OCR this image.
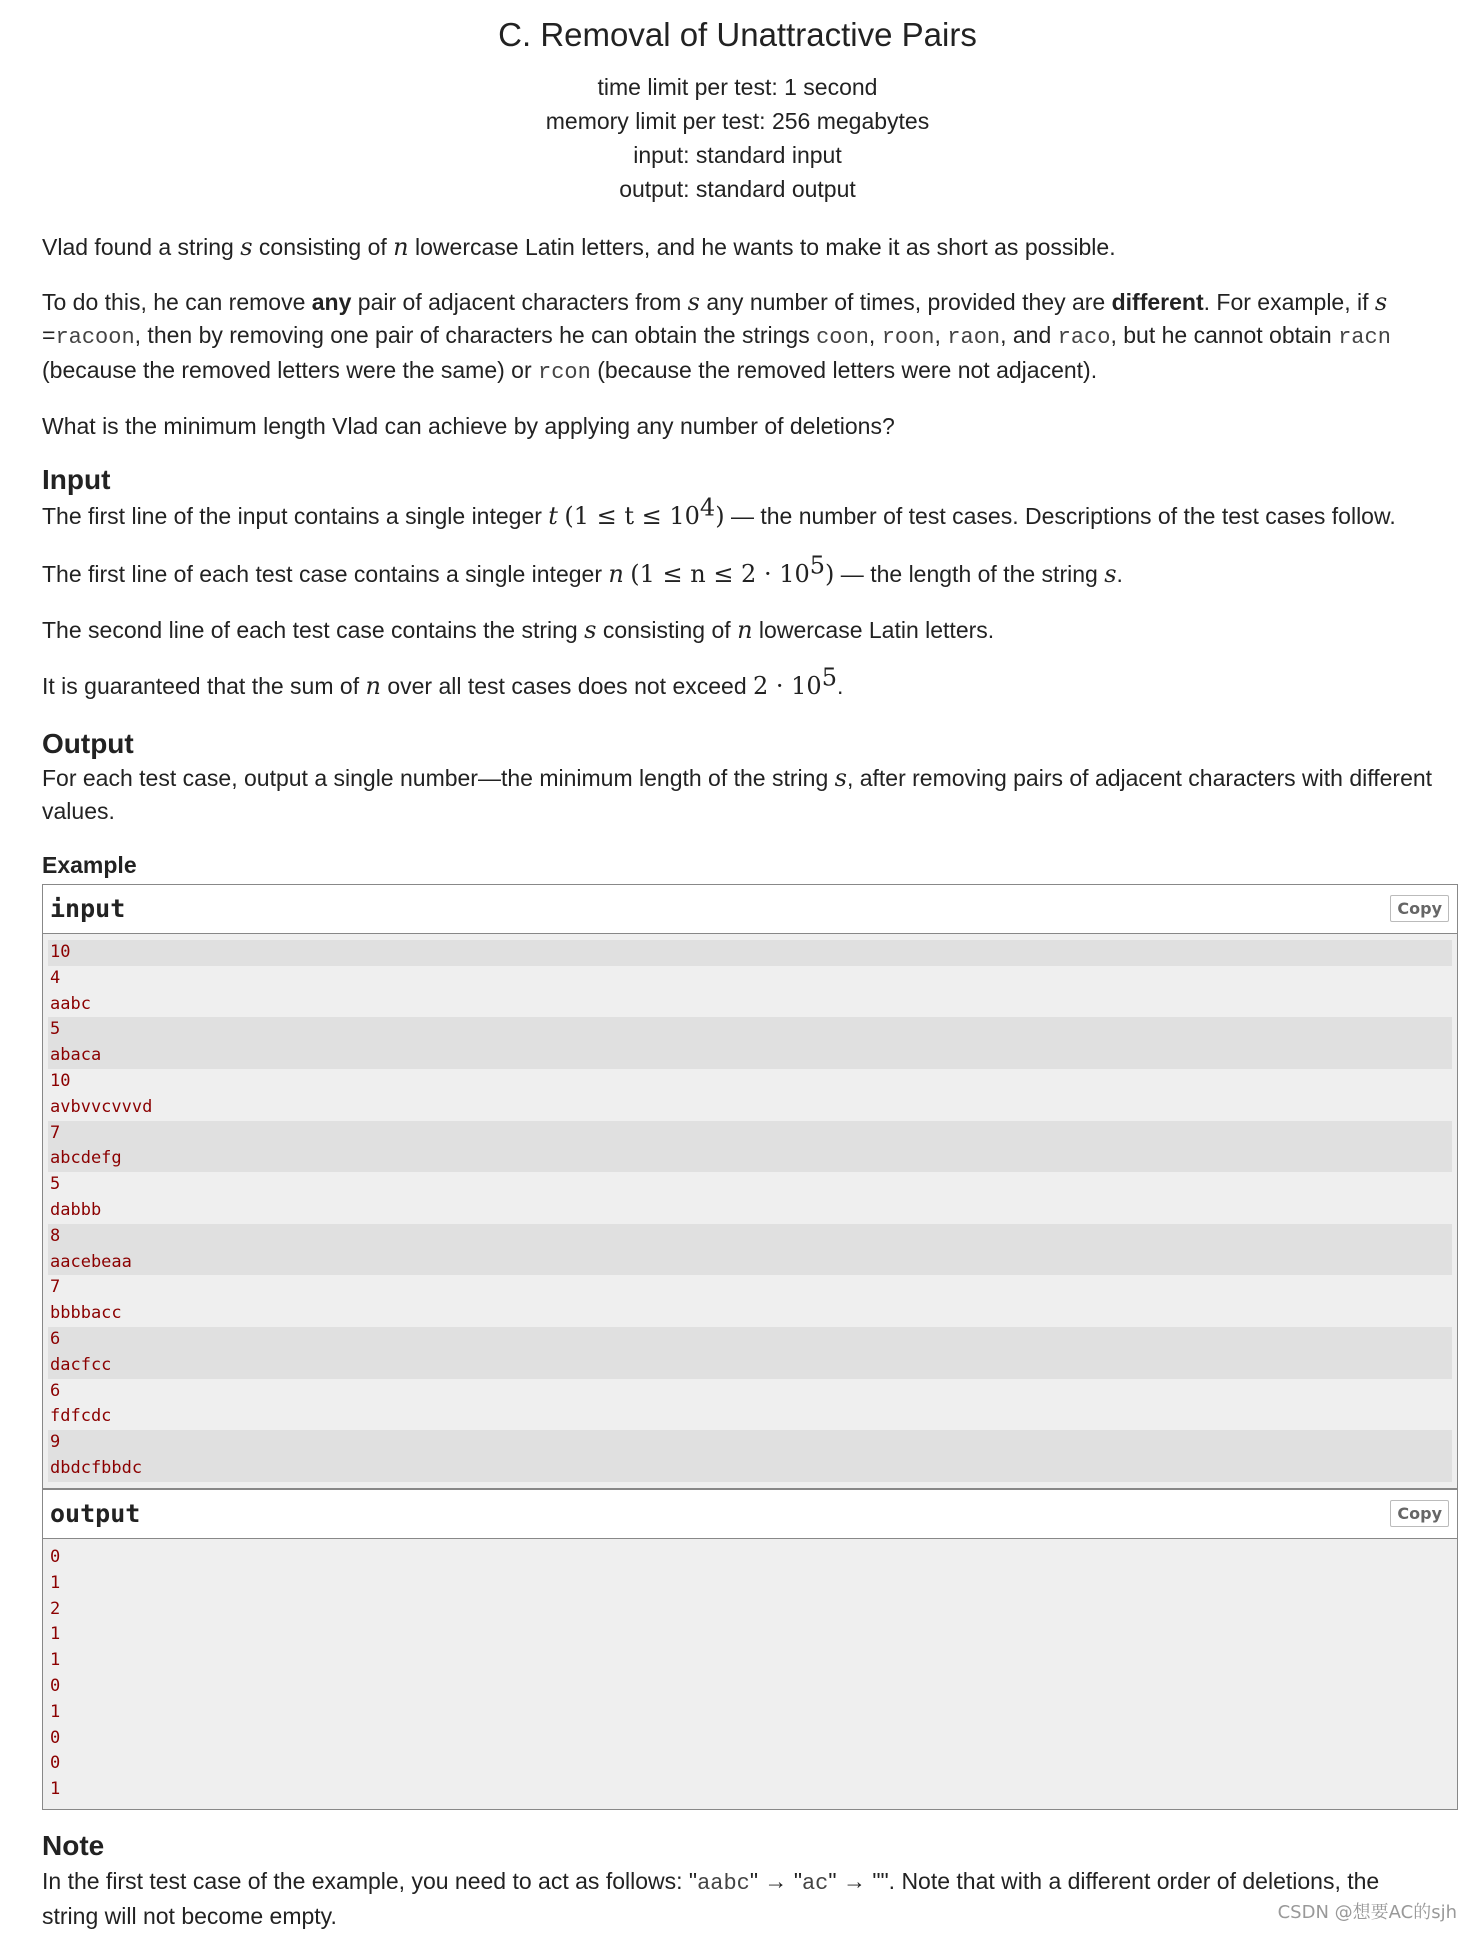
C. Removal of Unattractive Pairs
time limit per test: 1 second
memory limit per test: 256 megabytes
input: standard input
output: standard output
Vlad found a string s consisting of n lowercase Latin letters, and he wants to make it as short as possible.
To do this, he can remove any pair of adjacent characters from s any number of times, provided they are different. For example, if s
=racoon, then by removing one pair of characters he can obtain the strings coon, roon, raon, and raco, but he cannot obtain racn
(because the removed letters were the same) or rcon (because the removed letters were not adjacent).
What is the minimum length Vlad can achieve by applying any number of deletions?
Input
The first line of the input contains a single integer t $(1 \le t \le 10^4)$ — the number of test cases. Descriptions of the test cases follow.
The first line of each test case contains a single integer n $(1 \le n \le 2 \cdot 10^5)$ — the length of the string s.
The second line of each test case contains the string s consisting of n lowercase Latin letters.
It is guaranteed that the sum of n over all test cases does not exceed $2 \cdot 10^5$.
Output
For each test case, output a single number—the minimum length of the string s, after removing pairs of adjacent characters with different values.
Example
input	Copy
10
4
aabc
5
abaca
10
avbvvcvvvd
7
abcdefg
5
dabbb
8
aacebeaa
7
bbbbacc
6
dacfcc
6
fdfcdc
9
dbdcfbbdc
output	Copy
0
1
2
1
1
0
1
0
0
1
Note
In the first test case of the example, you need to act as follows: "aabc" → "ac" → "". Note that with a different order of deletions, the
string will not become empty.	CSDN @想要AC的sjh
